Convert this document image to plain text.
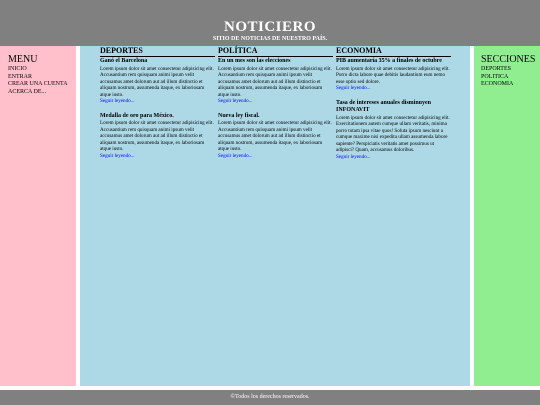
NOTICIERO
SITIO DE NOTICIAS DE NUESTRO PAÍS.
MENU
INICIO
ENTRAR
CREAR UNA CUENTA
ACERCA DE...
DEPORTES
Ganó el Barcelona
Lorem ipsum dolor sit amet consectetur adipisicing elit. Accusantium rem quisquam animi ipsum velit accusamus amet dolorum aut ad illum distinctio et aliquam nostrum, assumenda itaque, ex laboriosam atque iusto.
Seguir leyendo...
Medalla de oro para México.
Lorem ipsum dolor sit amet consectetur adipisicing elit. Accusantium rem quisquam animi ipsum velit accusamus amet dolorum aut ad illum distinctio et aliquam nostrum, assumenda itaque, ex laboriosam atque iusto.
Seguir leyendo...
POLÍTICA
En un mes son las elecciones
Lorem ipsum dolor sit amet consectetur adipisicing elit. Accusantium rem quisquam animi ipsum velit accusamus amet dolorum aut ad illum distinctio et aliquam nostrum, assumenda itaque, ex laboriosam atque iusto.
Seguir leyendo...
Nueva ley fiscal.
Lorem ipsum dolor sit amet consectetur adipisicing elit. Accusantium rem quisquam animi ipsum velit accusamus amet dolorum aut ad illum distinctio et aliquam nostrum, assumenda itaque, ex laboriosam atque iusto.
Seguir leyendo...
ECONOMIA
PIB aumentaría 35% a finales de octubre
Lorem ipsum dolor sit amet consectetur adipisicing elit. Porro dicta labore quae debitis laudantium eum nemo esse optio sed dolore.
Seguir leyendo...
Tasa de intereses anuales disminuyen INFONAVIT
Lorem ipsum dolor sit amet consectetur adipisicing elit. Exercitationem autem cumque ullam veritatis, minima porro totam ipsa vitae quos! Soluta ipsum nesciunt a cumque maxime nisi expedita ullam assumenda labore sapiente? Perspiciatis veritatis amet possimus ut adipisci? Quam, accusamus doloribus.
Seguir leyendo...
SECCIONES
DEPORTES
POLITICA
ECONOMIA
©Todos los derechos reservados.
